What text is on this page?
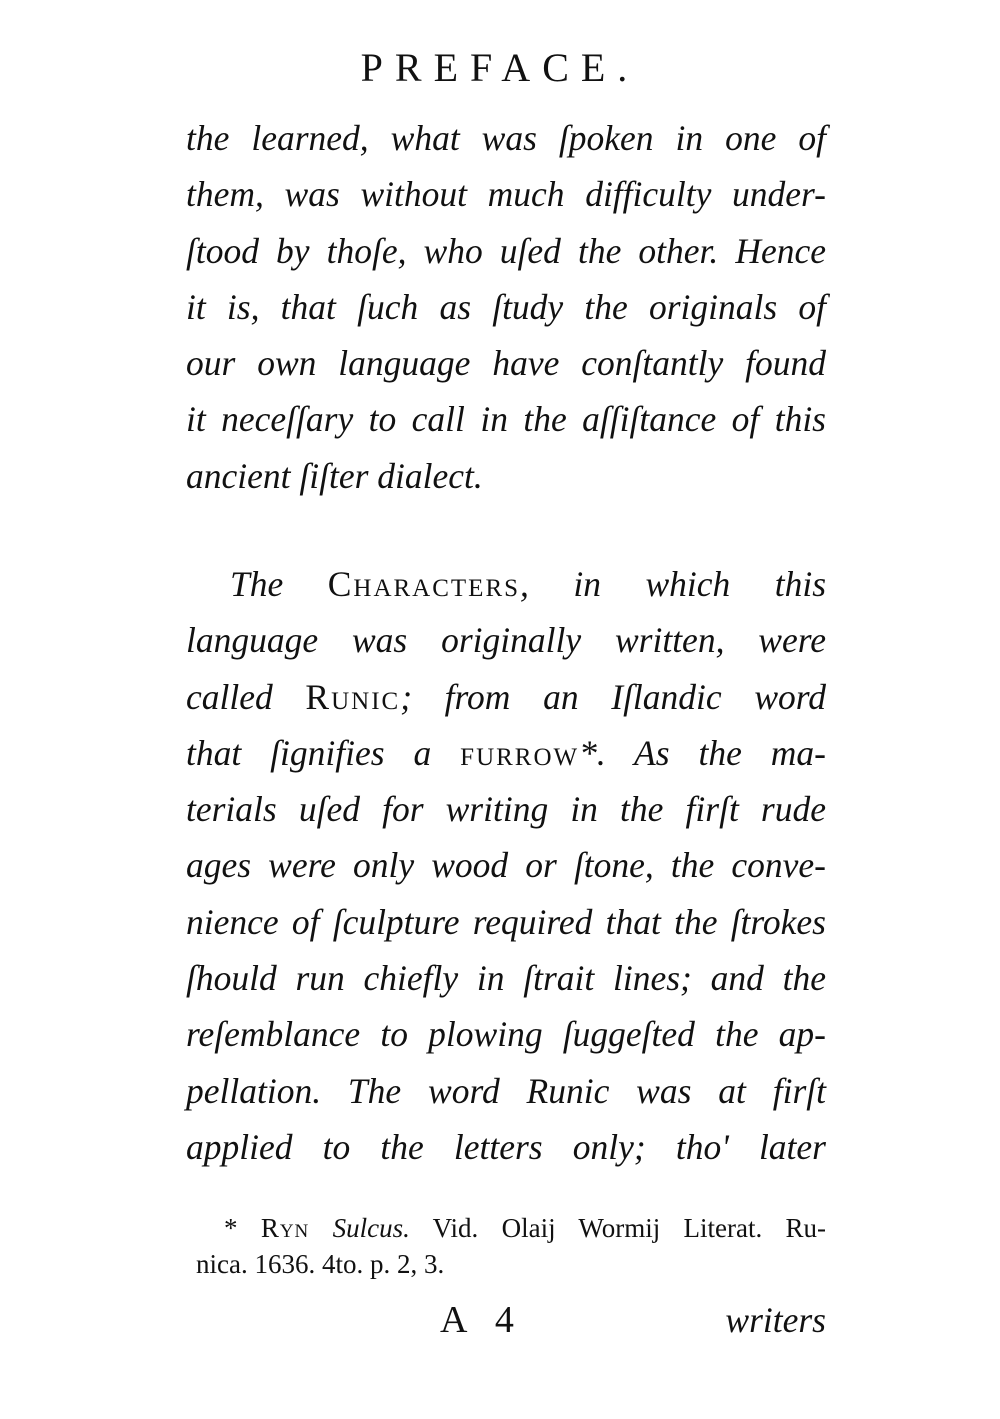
PREFACE.
the learned, what was ſpoken in one of
them, was without much difficulty under-
ſtood by thoſe, who uſed the other. Hence
it is, that ſuch as ſtudy the originals of
our own language have conſtantly found
it neceſſary to call in the aſſiſtance of this
ancient ſiſter dialect.
The Characters, in which this
language was originally written, were
called Runic; from an Iſlandic word
that ſignifies a furrow*. As the ma-
terials uſed for writing in the firſt rude
ages were only wood or ſtone, the conve-
nience of ſculpture required that the ſtrokes
ſhould run chiefly in ſtrait lines; and the
reſemblance to plowing ſuggeſted the ap-
pellation. The word Runic was at firſt
applied to the letters only; tho' later
* Ryn Sulcus. Vid. Olaij Wormij Literat. Ru-
nica. 1636. 4to. p. 2, 3.
A 4	writers
